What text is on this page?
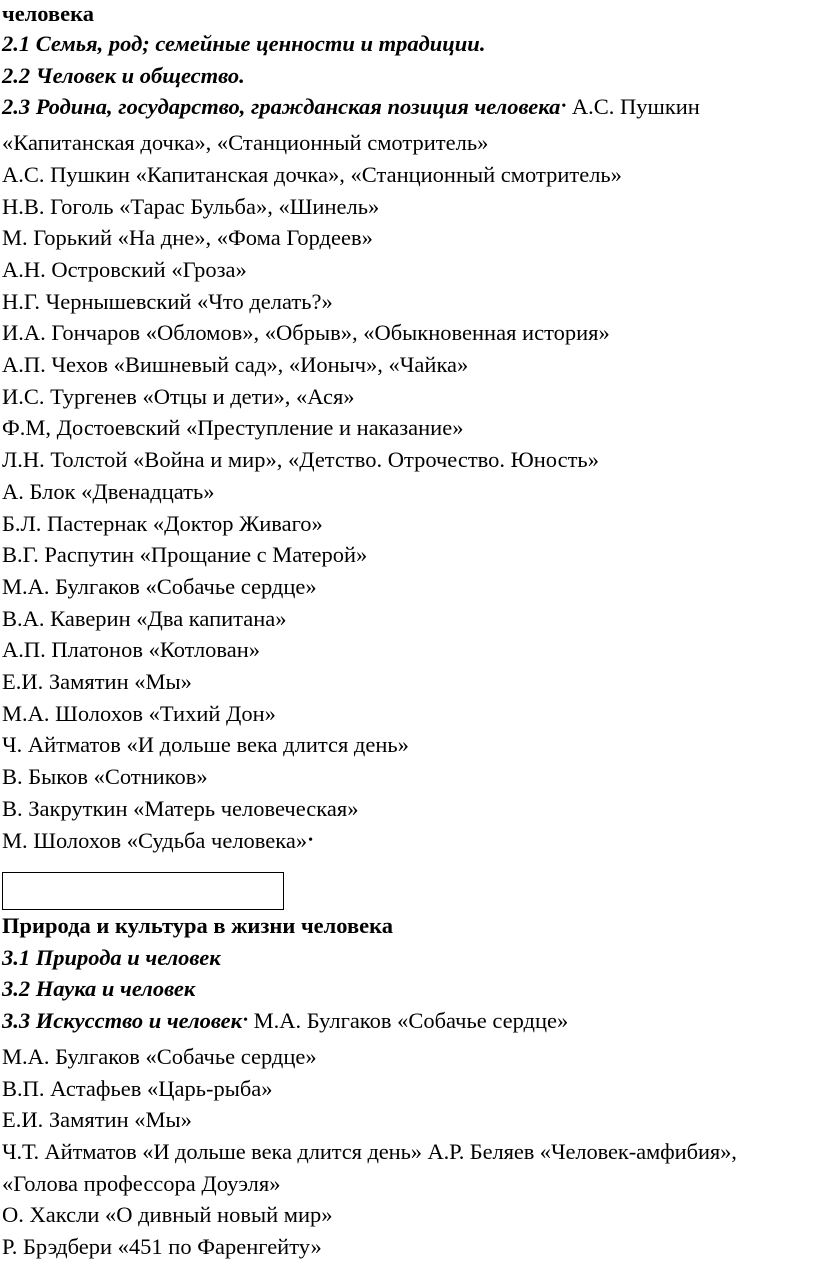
человека
2.1 Семья, род; семейные ценности и традиции.
2.2 Человек и общество.
2.3 Родина, государство, гражданская позиция человека• А.С. Пушкин
«Капитанская дочка», «Станционный смотритель»
А.С. Пушкин «Капитанская дочка», «Станционный смотритель»
Н.В. Гоголь «Тарас Бульба», «Шинель»
М. Горький «На дне», «Фома Гордеев»
А.Н. Островский «Гроза»
Н.Г. Чернышевский «Что делать?»
И.А. Гончаров «Обломов», «Обрыв», «Обыкновенная история»
А.П. Чехов «Вишневый сад», «Ионыч», «Чайка»
И.С. Тургенев «Отцы и дети», «Ася»
Ф.М, Достоевский «Преступление и наказание»
Л.Н. Толстой «Война и мир», «Детство. Отрочество. Юность»
А. Блок «Двенадцать»
Б.Л. Пастернак «Доктор Живаго»
В.Г. Распутин «Прощание с Матерой»
М.А. Булгаков «Собачье сердце»
В.А. Каверин «Два капитана»
А.П. Платонов «Котлован»
Е.И. Замятин «Мы»
М.А. Шолохов «Тихий Дон»
Ч. Айтматов «И дольше века длится день»
В. Быков «Сотников»
В. Закруткин «Матерь человеческая»
М. Шолохов «Судьба человека»•
Природа и культура в жизни человека
3.1 Природа и человек
3.2 Наука и человек
3.3 Искусство и человек• М.А. Булгаков «Собачье сердце»
М.А. Булгаков «Собачье сердце»
В.П. Астафьев «Царь-рыба»
Е.И. Замятин «Мы»
Ч.Т. Айтматов «И дольше века длится день» А.Р. Беляев «Человек-амфибия»,
«Голова профессора Доуэля»
О. Хаксли «О дивный новый мир»
Р. Брэдбери «451 по Фаренгейту»
